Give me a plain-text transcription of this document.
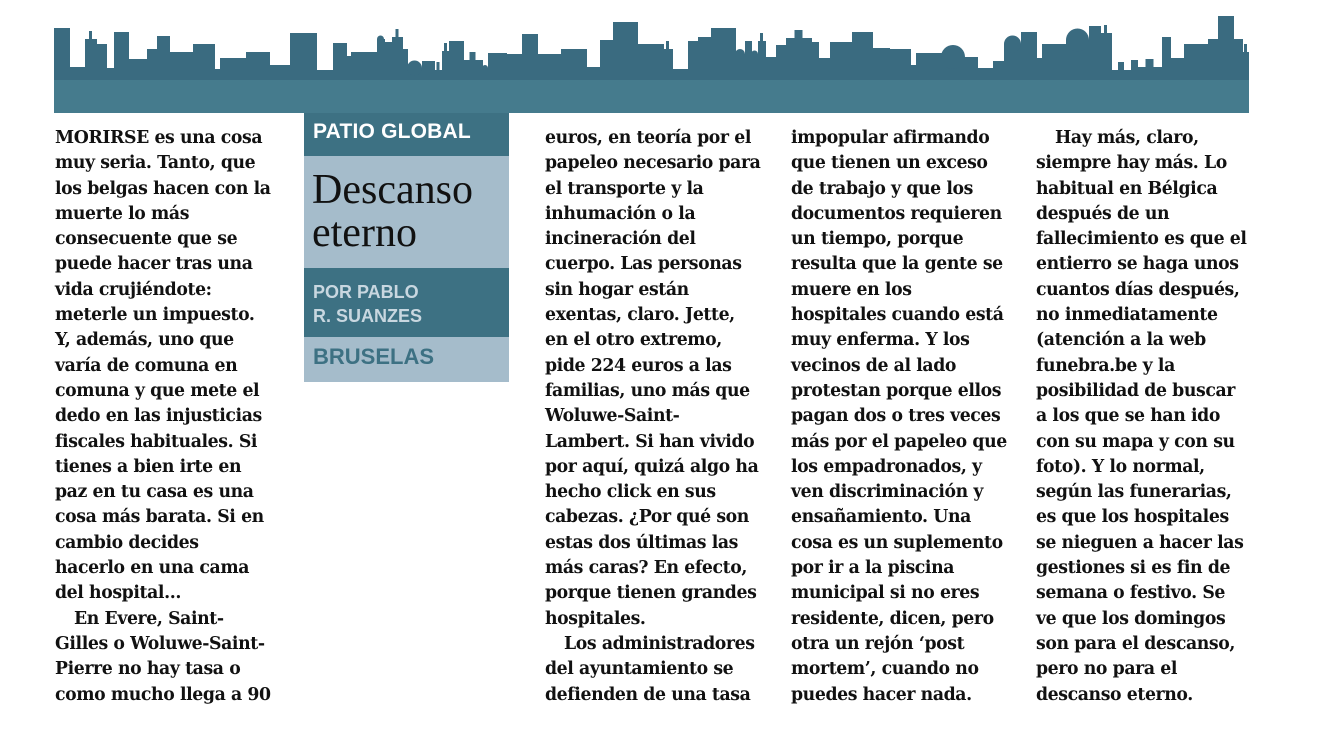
MORIRSE es una cosa
muy seria. Tanto, que
los belgas hacen con la
muerte lo más
consecuente que se
puede hacer tras una
vida crujiéndote:
meterle un impuesto.
Y, además, uno que
varía de comuna en
comuna y que mete el
dedo en las injusticias
fiscales habituales. Si
tienes a bien irte en
paz en tu casa es una
cosa más barata. Si en
cambio decides
hacerlo en una cama
del hospital…

En Evere, Saint-
Gilles o Woluwe-Saint-
Pierre no hay tasa o
como mucho llega a 90

PATIO GLOBAL
Descanso
eterno
POR PABLO
R. SUANZES
BRUSELAS

euros, en teoría por el
papeleo necesario para
el transporte y la
inhumación o la
incineración del
cuerpo. Las personas
sin hogar están
exentas, claro. Jette,
en el otro extremo,
pide 224 euros a las
familias, uno más que
Woluwe-Saint-
Lambert. Si han vivido
por aquí, quizá algo ha
hecho click en sus
cabezas. ¿Por qué son
estas dos últimas las
más caras? En efecto,
porque tienen grandes
hospitales.

Los administradores
del ayuntamiento se
defienden de una tasa

impopular afirmando
que tienen un exceso
de trabajo y que los
documentos requieren
un tiempo, porque
resulta que la gente se
muere en los
hospitales cuando está
muy enferma. Y los
vecinos de al lado
protestan porque ellos
pagan dos o tres veces
más por el papeleo que
los empadronados, y
ven discriminación y
ensañamiento. Una
cosa es un suplemento
por ir a la piscina
municipal si no eres
residente, dicen, pero
otra un rejón ‘post
mortem’, cuando no
puedes hacer nada.

Hay más, claro,
siempre hay más. Lo
habitual en Bélgica
después de un
fallecimiento es que el
entierro se haga unos
cuantos días después,
no inmediatamente
(atención a la web
funebra.be y la
posibilidad de buscar
a los que se han ido
con su mapa y con su
foto). Y lo normal,
según las funerarias,
es que los hospitales
se nieguen a hacer las
gestiones si es fin de
semana o festivo. Se
ve que los domingos
son para el descanso,
pero no para el
descanso eterno.
